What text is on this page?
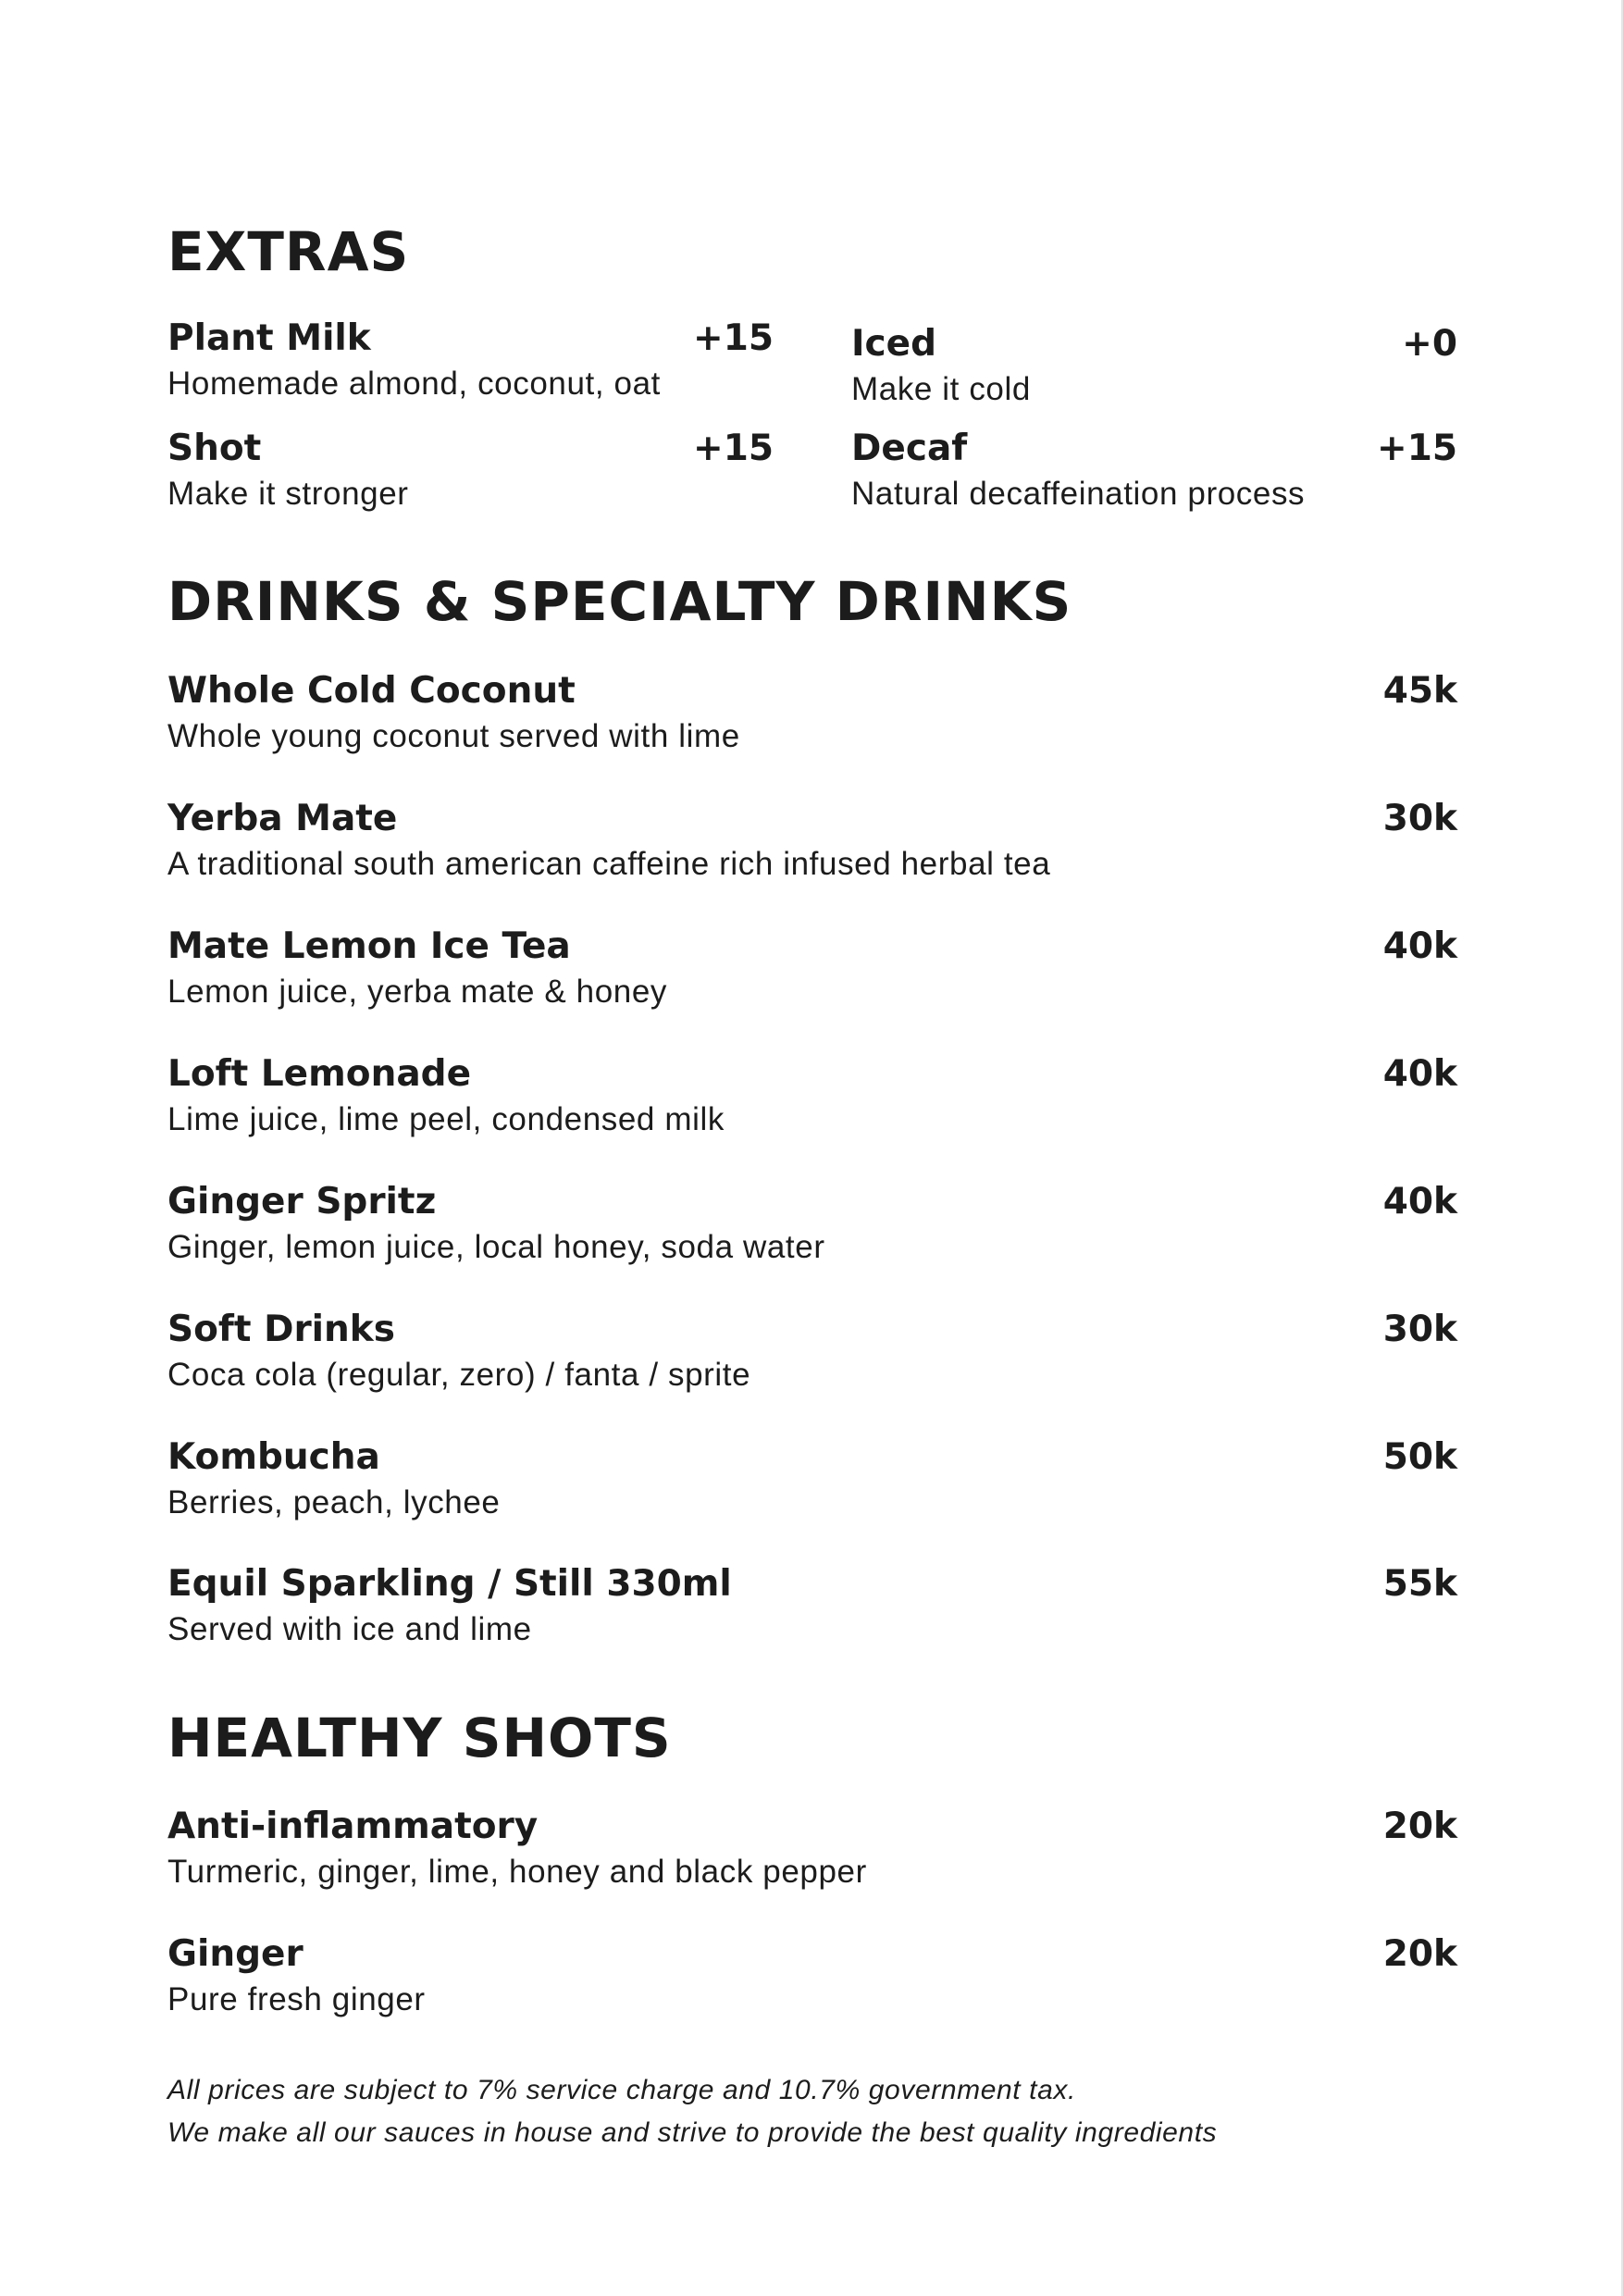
EXTRAS
Plant Milk	+15
Homemade almond, coconut, oat
Iced	+0
Make it cold
Shot	+15
Make it stronger
Decaf	+15
Natural decaffeination process
DRINKS & SPECIALTY DRINKS
Whole Cold Coconut	45k
Whole young coconut served with lime
Yerba Mate	30k
A traditional south american caffeine rich infused herbal tea
Mate Lemon Ice Tea	40k
Lemon juice, yerba mate & honey
Loft Lemonade	40k
Lime juice, lime peel, condensed milk
Ginger Spritz	40k
Ginger, lemon juice, local honey, soda water
Soft Drinks	30k
Coca cola (regular, zero) / fanta / sprite
Kombucha	50k
Berries, peach, lychee
Equil Sparkling / Still 330ml	55k
Served with ice and lime
HEALTHY SHOTS
Anti-inflammatory	20k
Turmeric, ginger, lime, honey and black pepper
Ginger	20k
Pure fresh ginger
All prices are subject to 7% service charge and 10.7% government tax.
We make all our sauces in house and strive to provide the best quality ingredients
